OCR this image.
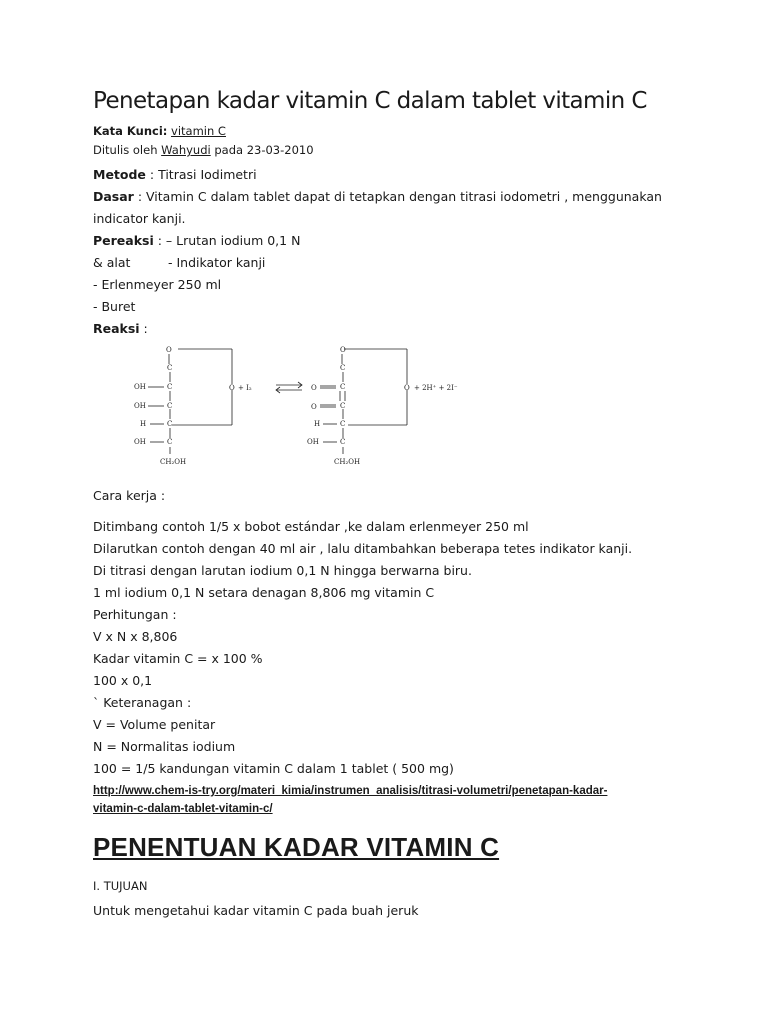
Penetapan kadar vitamin C dalam tablet vitamin C
Kata Kunci: vitamin C
Ditulis oleh Wahyudi pada 23-03-2010
Metode : Titrasi Iodimetri
Dasar : Vitamin C dalam tablet dapat di tetapkan dengan titrasi iodometri , menggunakan
indicator kanji.
Pereaksi : – Lrutan iodium 0,1 N
& alat	- Indikator kanji
- Erlenmeyer 250 ml
- Buret
Reaksi :
O
C
C
C
C
C
OH
OH
H
OH
CH₂OH
O + I₂
O
C
C
C
C
C
O
O
H
OH
CH₂OH
O + 2H⁺ + 2I⁻
Cara kerja :
Ditimbang contoh 1/5 x bobot estándar ,ke dalam erlenmeyer 250 ml
Dilarutkan contoh dengan 40 ml air , lalu ditambahkan beberapa tetes indikator kanji.
Di titrasi dengan larutan iodium 0,1 N hingga berwarna biru.
1 ml iodium 0,1 N setara denagan 8,806 mg vitamin C
Perhitungan :
V x N x 8,806
Kadar vitamin C = x 100 %
100 x 0,1
` Keteranagan :
V = Volume penitar
N = Normalitas iodium
100 = 1/5 kandungan vitamin C dalam 1 tablet ( 500 mg)
http://www.chem-is-try.org/materi_kimia/instrumen_analisis/titrasi-volumetri/penetapan-kadar-
vitamin-c-dalam-tablet-vitamin-c/
PENENTUAN KADAR VITAMIN C
I. TUJUAN
Untuk mengetahui kadar vitamin C pada buah jeruk
